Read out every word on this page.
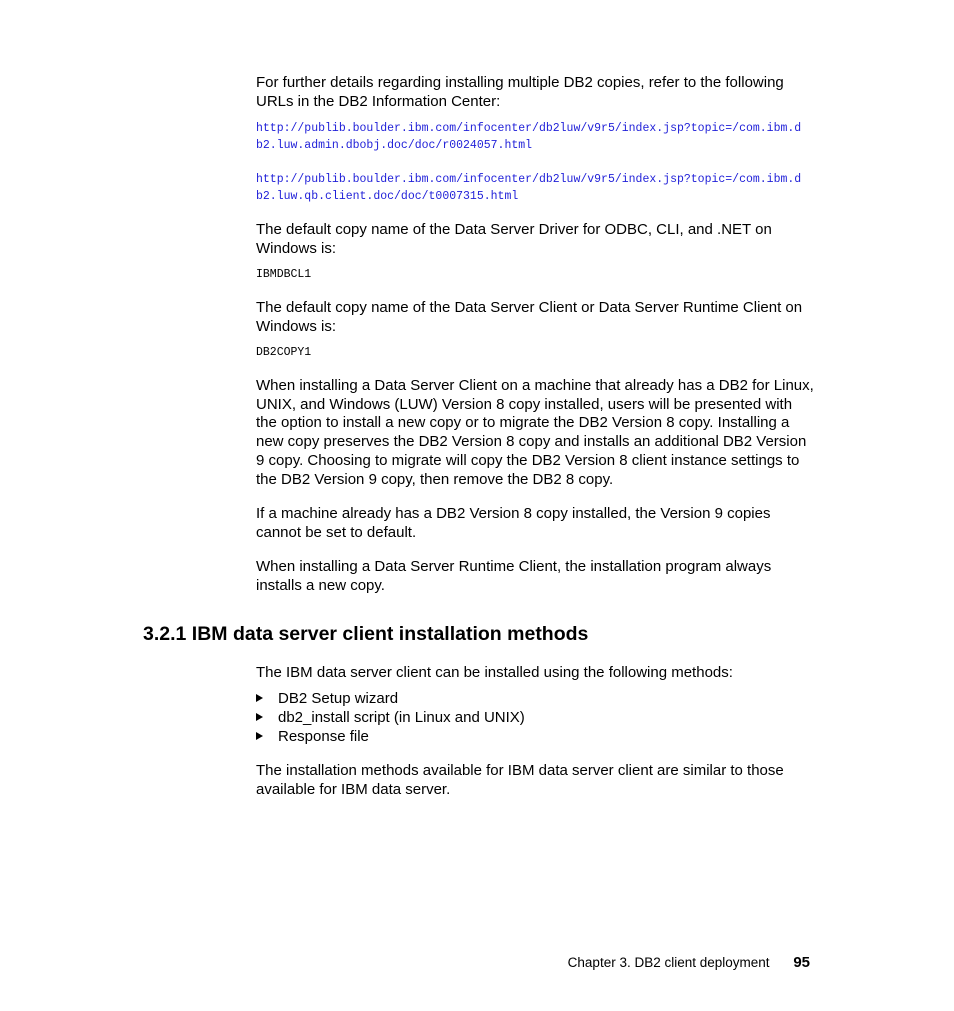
For further details regarding installing multiple DB2 copies, refer to the following URLs in the DB2 Information Center:

http://publib.boulder.ibm.com/infocenter/db2luw/v9r5/index.jsp?topic=/com.ibm.d
b2.luw.admin.dbobj.doc/doc/r0024057.html
http://publib.boulder.ibm.com/infocenter/db2luw/v9r5/index.jsp?topic=/com.ibm.d
b2.luw.qb.client.doc/doc/t0007315.html

The default copy name of the Data Server Driver for ODBC, CLI, and .NET on Windows is:

IBMDBCL1

The default copy name of the Data Server Client or Data Server Runtime Client on Windows is:

DB2COPY1

When installing a Data Server Client on a machine that already has a DB2 for Linux, UNIX, and Windows (LUW) Version 8 copy installed, users will be presented with the option to install a new copy or to migrate the DB2 Version 8 copy. Installing a new copy preserves the DB2 Version 8 copy and installs an additional DB2 Version 9 copy. Choosing to migrate will copy the DB2 Version 8 client instance settings to the DB2 Version 9 copy, then remove the DB2 8 copy.

If a machine already has a DB2 Version 8 copy installed, the Version 9 copies cannot be set to default.

When installing a Data Server Runtime Client, the installation program always installs a new copy.

3.2.1 IBM data server client installation methods

The IBM data server client can be installed using the following methods:

DB2 Setup wizard
db2_install script (in Linux and UNIX)
Response file

The installation methods available for IBM data server client are similar to those available for IBM data server.

Chapter 3. DB2 client deployment 95
